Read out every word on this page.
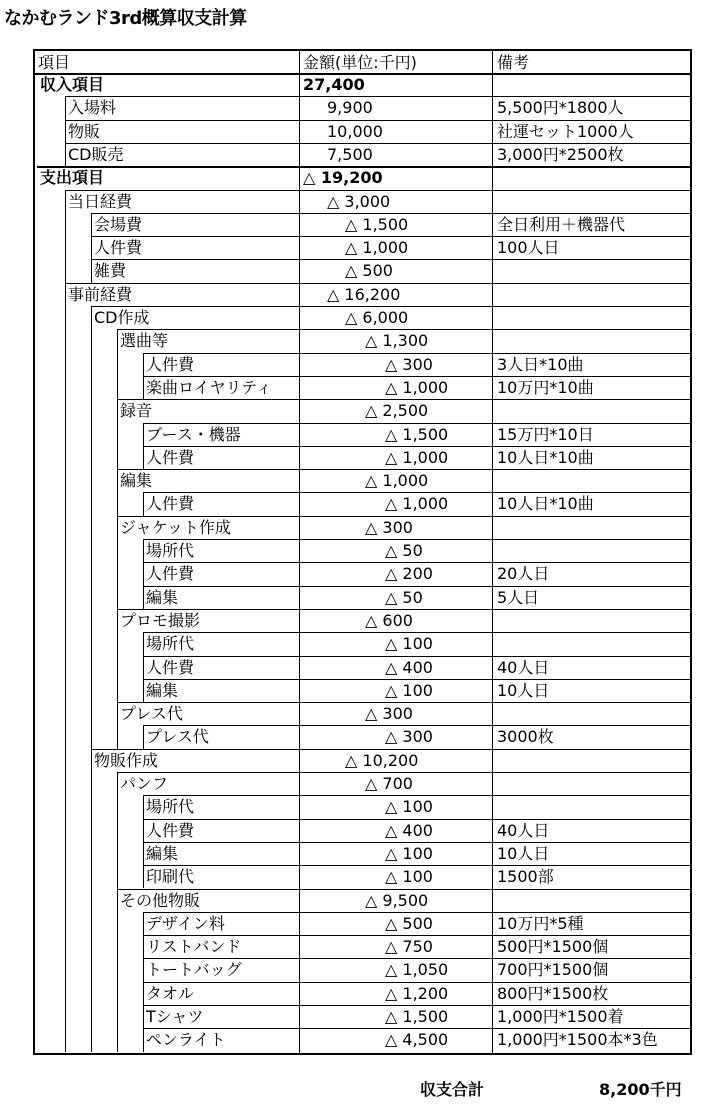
なかむランド3rd概算収支計算
項目	金額(単位:千円)	備考
収入項目	27,400
入場料	9,900	5,500円*1800人
物販	10,000	社運セット1000人
CD販売	7,500	3,000円*2500枚
支出項目	△ 19,200
当日経費	△ 3,000
会場費	△ 1,500	全日利用＋機器代
人件費	△ 1,000	100人日
雑費	△ 500
事前経費	△ 16,200
CD作成	△ 6,000
選曲等	△ 1,300
人件費	△ 300	3人日*10曲
楽曲ロイヤリティ	△ 1,000	10万円*10曲
録音	△ 2,500
ブース・機器	△ 1,500	15万円*10日
人件費	△ 1,000	10人日*10曲
編集	△ 1,000
人件費	△ 1,000	10人日*10曲
ジャケット作成	△ 300
場所代	△ 50
人件費	△ 200	20人日
編集	△ 50	5人日
プロモ撮影	△ 600
場所代	△ 100
人件費	△ 400	40人日
編集	△ 100	10人日
プレス代	△ 300
プレス代	△ 300	3000枚
物販作成	△ 10,200
パンフ	△ 700
場所代	△ 100
人件費	△ 400	40人日
編集	△ 100	10人日
印刷代	△ 100	1500部
その他物販	△ 9,500
デザイン料	△ 500	10万円*5種
リストバンド	△ 750	500円*1500個
トートバッグ	△ 1,050	700円*1500個
タオル	△ 1,200	800円*1500枚
Tシャツ	△ 1,500	1,000円*1500着
ペンライト	△ 4,500	1,000円*1500本*3色
収支合計	8,200千円
